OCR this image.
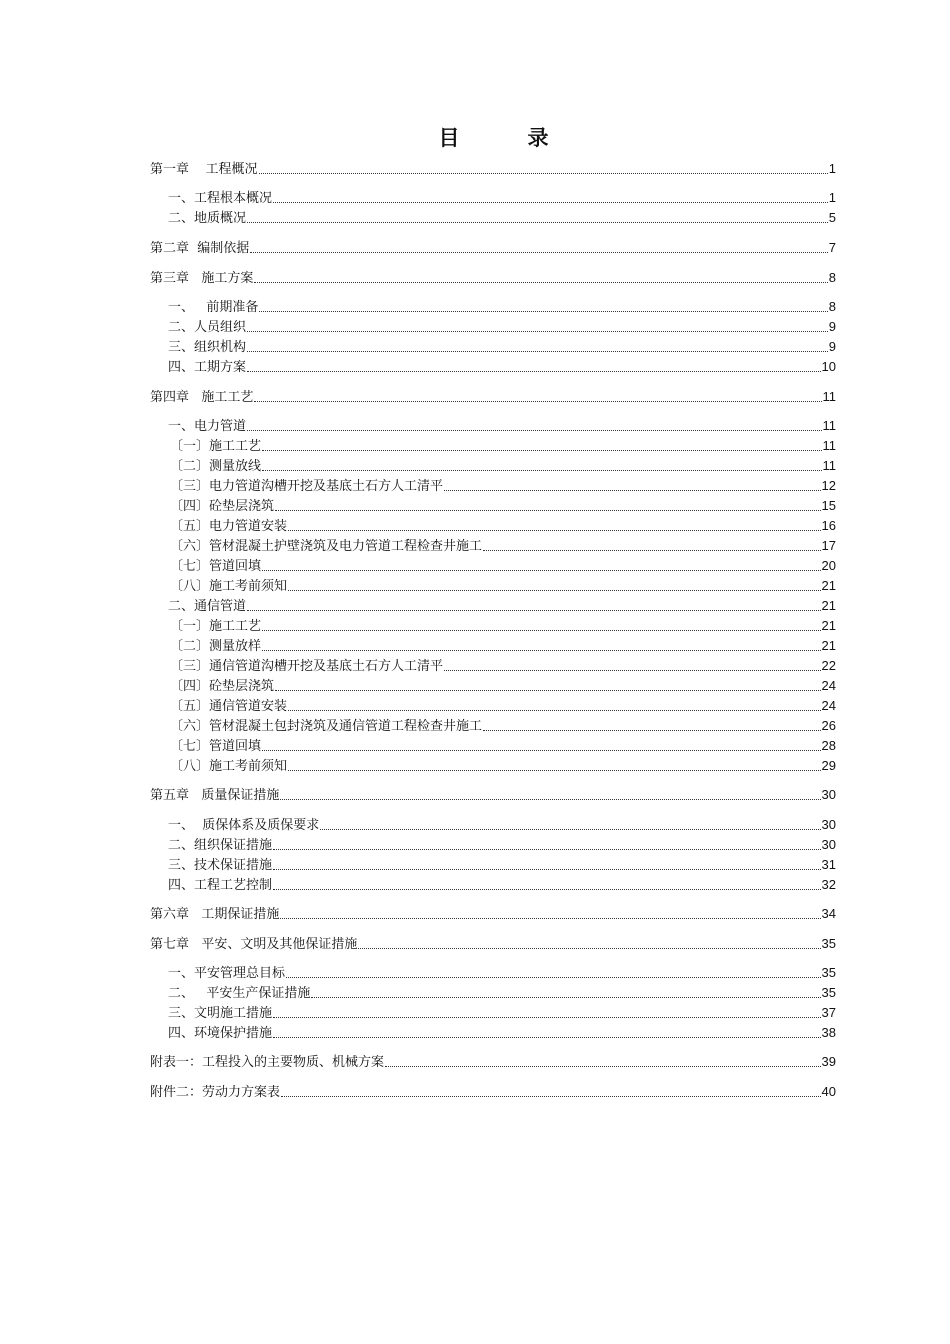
目   录
第一章    工程概况	1
一、工程根本概况	1
二、地质概况	5
第二章  编制依据	7
第三章   施工方案	8
一、   前期准备	8
二、人员组织	9
三、组织机构	9
四、工期方案	10
第四章   施工工艺	11
一、电力管道	11
〔一〕施工工艺	11
〔二〕测量放线	11
〔三〕电力管道沟槽开挖及基底土石方人工清平	12
〔四〕砼垫层浇筑	15
〔五〕电力管道安装	16
〔六〕管材混凝土护壁浇筑及电力管道工程检查井施工	17
〔七〕管道回填	20
〔八〕施工考前须知	21
二、通信管道	21
〔一〕施工工艺	21
〔二〕测量放样	21
〔三〕通信管道沟槽开挖及基底土石方人工清平	22
〔四〕砼垫层浇筑	24
〔五〕通信管道安装	24
〔六〕管材混凝土包封浇筑及通信管道工程检查井施工	26
〔七〕管道回填	28
〔八〕施工考前须知	29
第五章   质量保证措施	30
一、  质保体系及质保要求	30
二、组织保证措施	30
三、技术保证措施	31
四、工程工艺控制	32
第六章   工期保证措施	34
第七章   平安、文明及其他保证措施	35
一、平安管理总目标	35
二、   平安生产保证措施	35
三、文明施工措施	37
四、环境保护措施	38
附表一：工程投入的主要物质、机械方案	39
附件二：劳动力方案表	40
